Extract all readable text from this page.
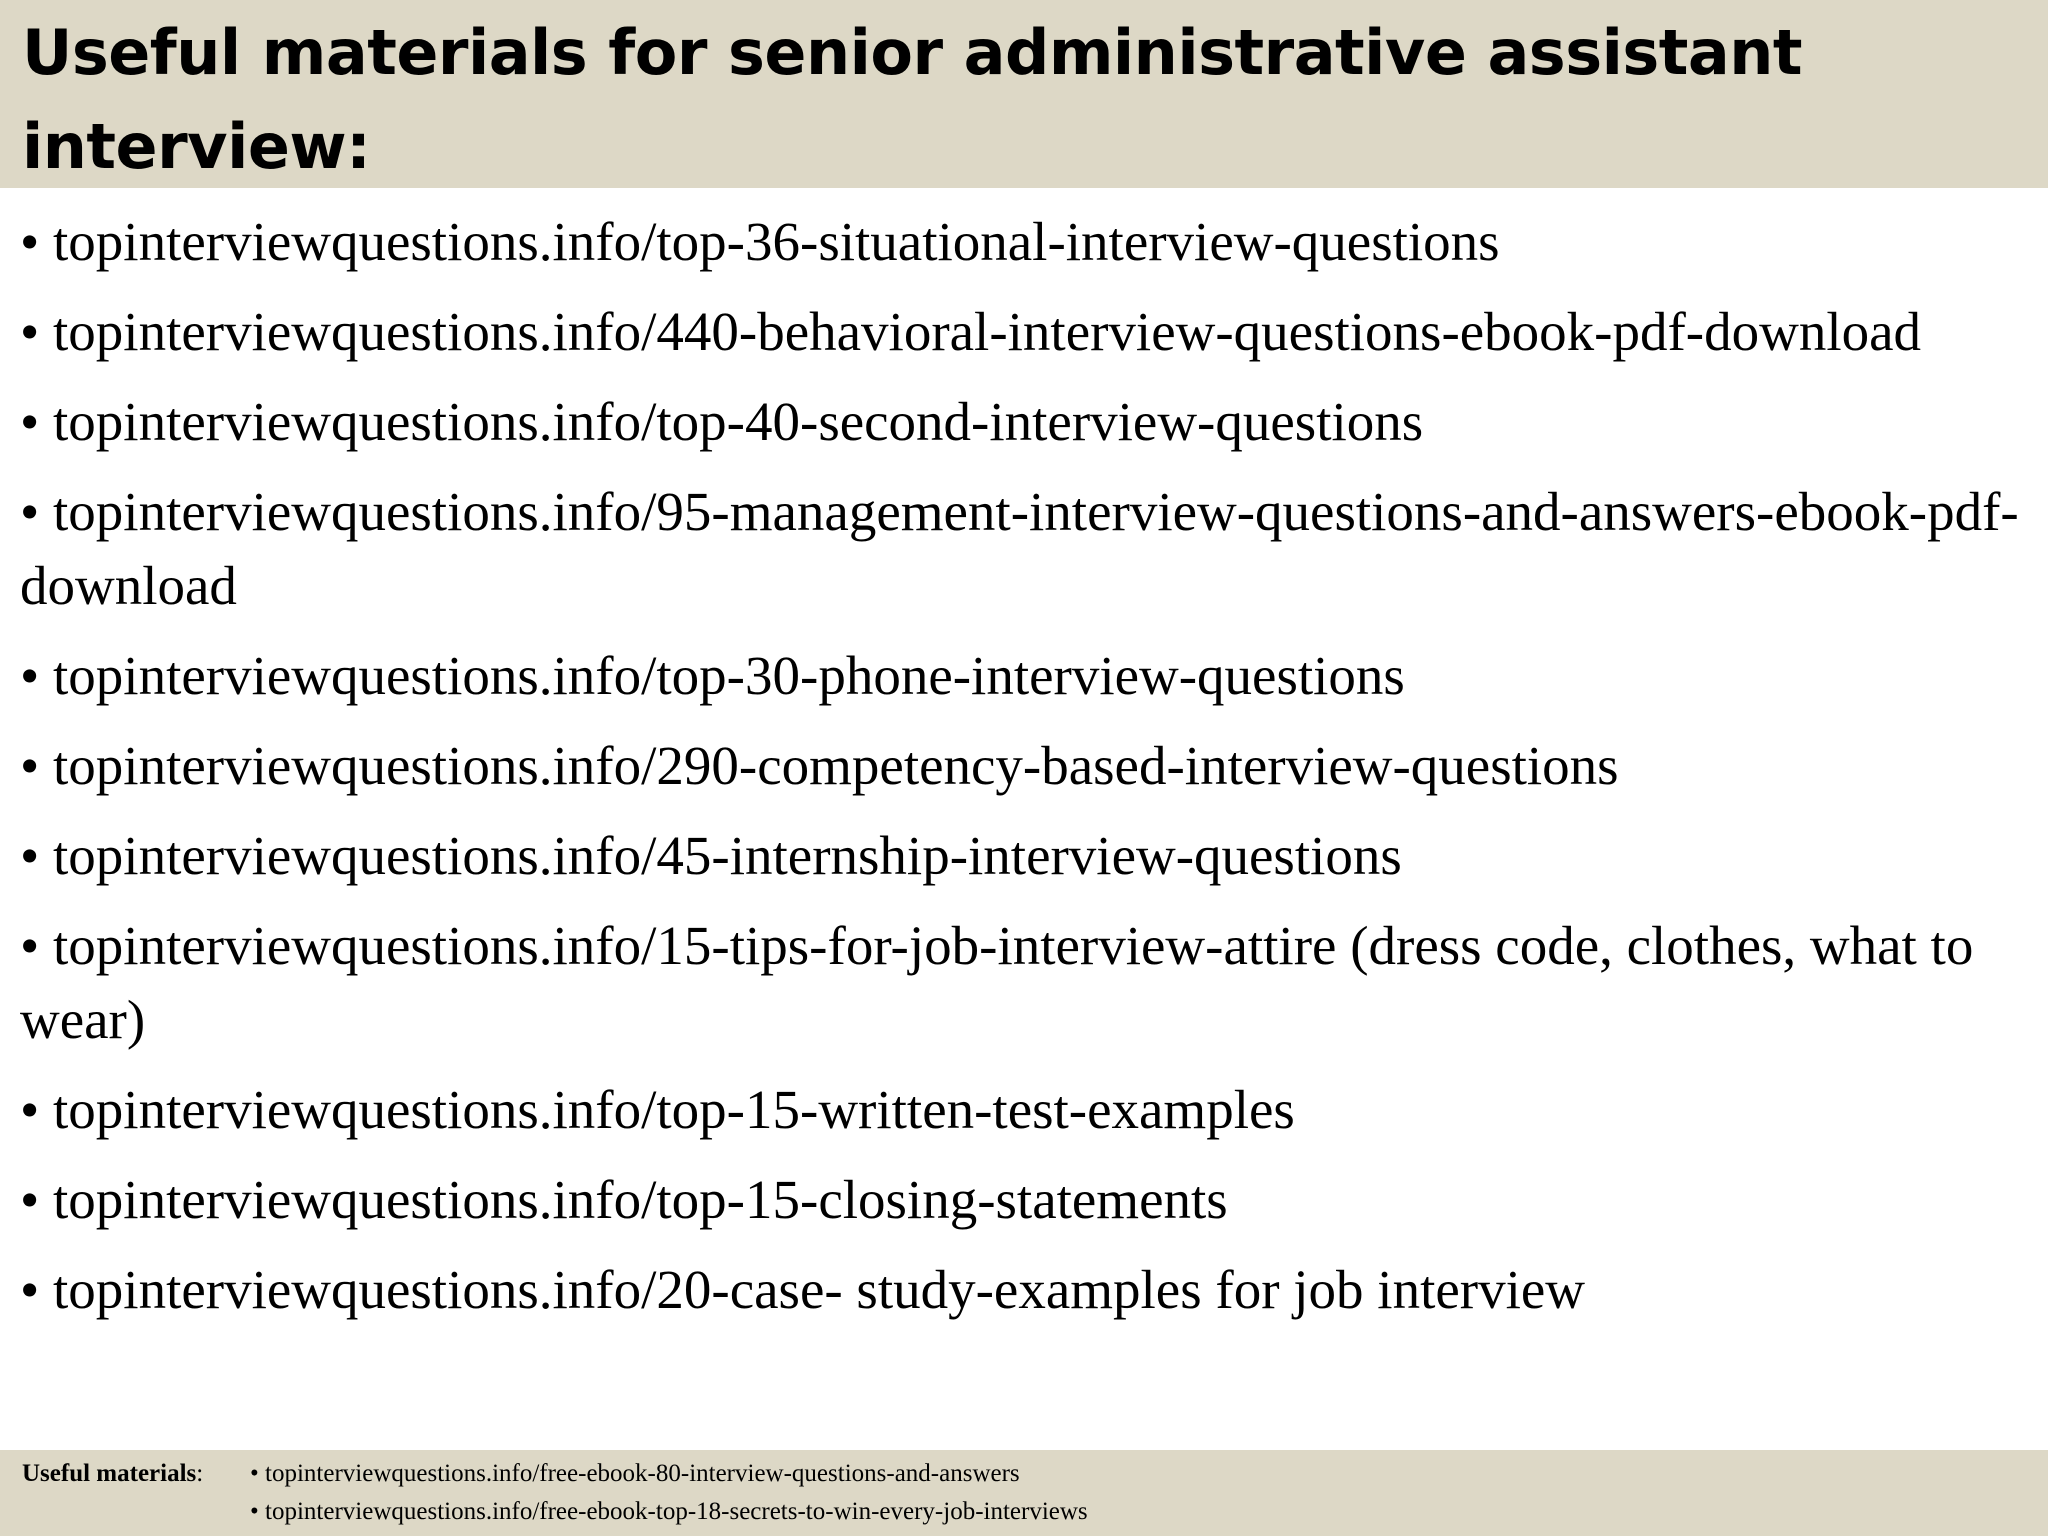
Useful materials for senior administrative assistant interview:
• topinterviewquestions.info/top-36-situational-interview-questions
• topinterviewquestions.info/440-behavioral-interview-questions-ebook-pdf-download
• topinterviewquestions.info/top-40-second-interview-questions
• topinterviewquestions.info/95-management-interview-questions-and-answers-ebook-pdf-download
• topinterviewquestions.info/top-30-phone-interview-questions
• topinterviewquestions.info/290-competency-based-interview-questions
• topinterviewquestions.info/45-internship-interview-questions
• topinterviewquestions.info/15-tips-for-job-interview-attire (dress code, clothes, what to wear)
• topinterviewquestions.info/top-15-written-test-examples
• topinterviewquestions.info/top-15-closing-statements
• topinterviewquestions.info/20-case- study-examples for job interview
Useful materials:	• topinterviewquestions.info/free-ebook-80-interview-questions-and-answers
• topinterviewquestions.info/free-ebook-top-18-secrets-to-win-every-job-interviews
